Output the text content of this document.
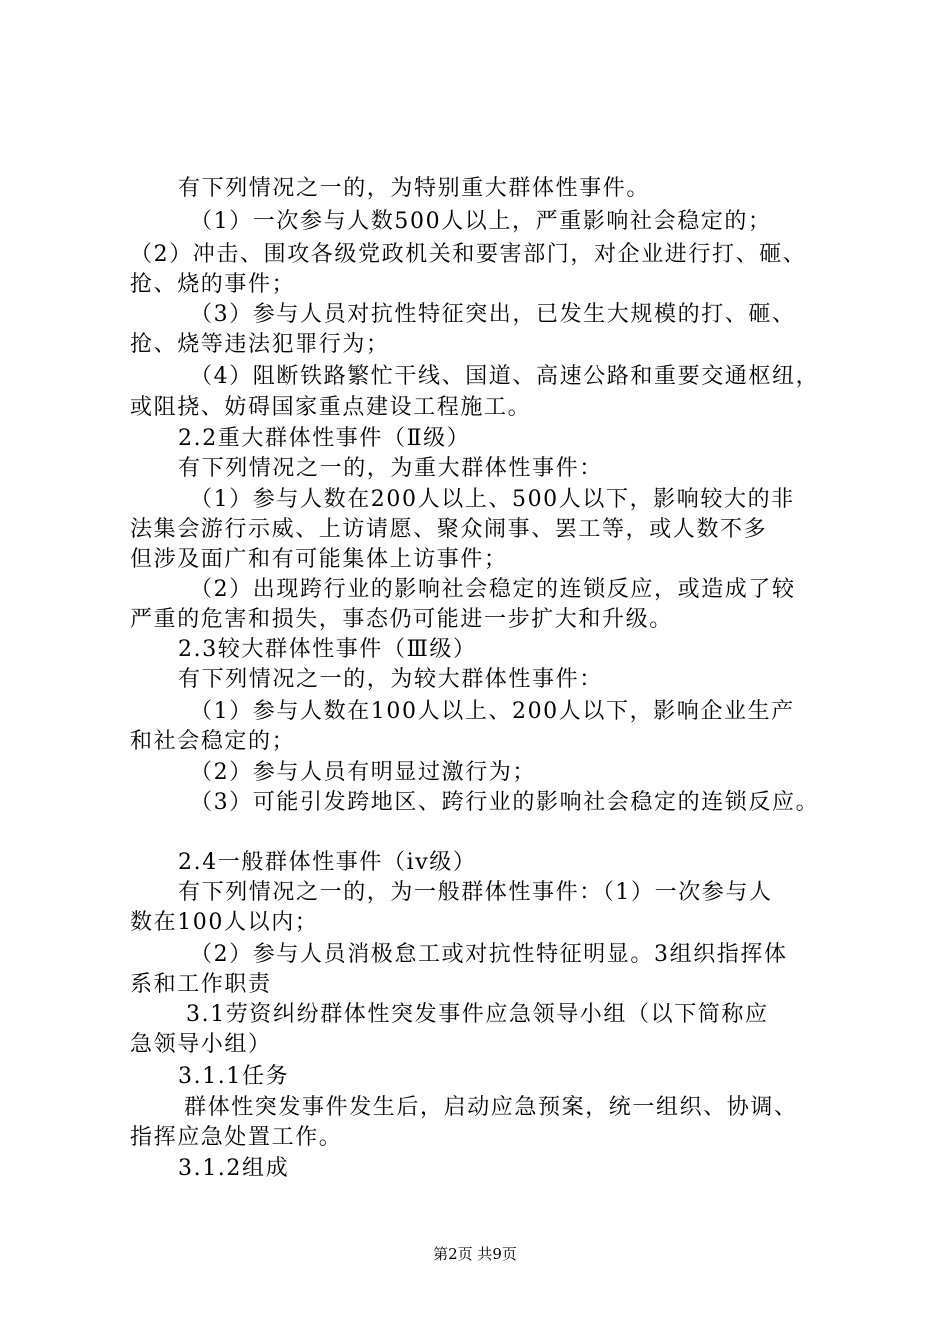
有下列情况之一的，为特别重大群体性事件。
（1）一次参与人数500人以上，严重影响社会稳定的；
（2）冲击、围攻各级党政机关和要害部门，对企业进行打、砸、
抢、烧的事件；
（3）参与人员对抗性特征突出，已发生大规模的打、砸、
抢、烧等违法犯罪行为；
（4）阻断铁路繁忙干线、国道、高速公路和重要交通枢纽，
或阻挠、妨碍国家重点建设工程施工。
2.2重大群体性事件（Ⅱ级）
有下列情况之一的，为重大群体性事件：
（1）参与人数在200人以上、500人以下，影响较大的非
法集会游行示威、上访请愿、聚众闹事、罢工等，或人数不多
但涉及面广和有可能集体上访事件；
（2）出现跨行业的影响社会稳定的连锁反应，或造成了较
严重的危害和损失，事态仍可能进一步扩大和升级。
2.3较大群体性事件（Ⅲ级）
有下列情况之一的，为较大群体性事件：
（1）参与人数在100人以上、200人以下，影响企业生产
和社会稳定的；
（2）参与人员有明显过激行为；
（3）可能引发跨地区、跨行业的影响社会稳定的连锁反应。
2.4一般群体性事件（iv级）
有下列情况之一的，为一般群体性事件：（1）一次参与人
数在100人以内；
（2）参与人员消极怠工或对抗性特征明显。3组织指挥体
系和工作职责
3.1劳资纠纷群体性突发事件应急领导小组（以下简称应
急领导小组）
3.1.1任务
群体性突发事件发生后，启动应急预案，统一组织、协调、
指挥应急处置工作。
3.1.2组成
第2页 共9页
